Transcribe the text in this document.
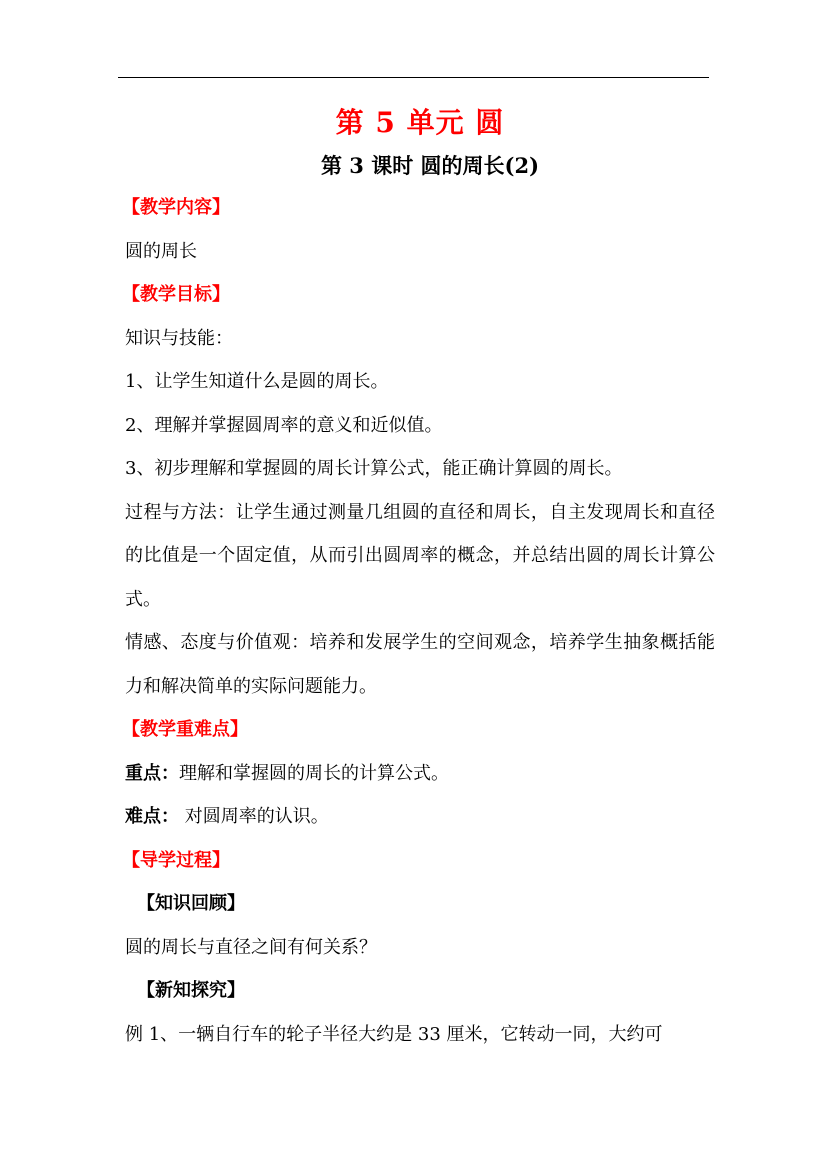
第 5 单元 圆
第 3 课时 圆的周长(2)

【教学内容】

圆的周长

【教学目标】

知识与技能：

1、让学生知道什么是圆的周长。

2、理解并掌握圆周率的意义和近似值。

3、初步理解和掌握圆的周长计算公式，能正确计算圆的周长。

过程与方法：让学生通过测量几组圆的直径和周长，自主发现周长和直径的比值是一个固定值，从而引出圆周率的概念，并总结出圆的周长计算公式。

情感、态度与价值观：培养和发展学生的空间观念，培养学生抽象概括能力和解决简单的实际问题能力。

【教学重难点】

重点：理解和掌握圆的周长的计算公式。

难点： 对圆周率的认识。

【导学过程】

【知识回顾】

圆的周长与直径之间有何关系？

【新知探究】

例 1、一辆自行车的轮子半径大约是 33 厘米，它转动一同，大约可
